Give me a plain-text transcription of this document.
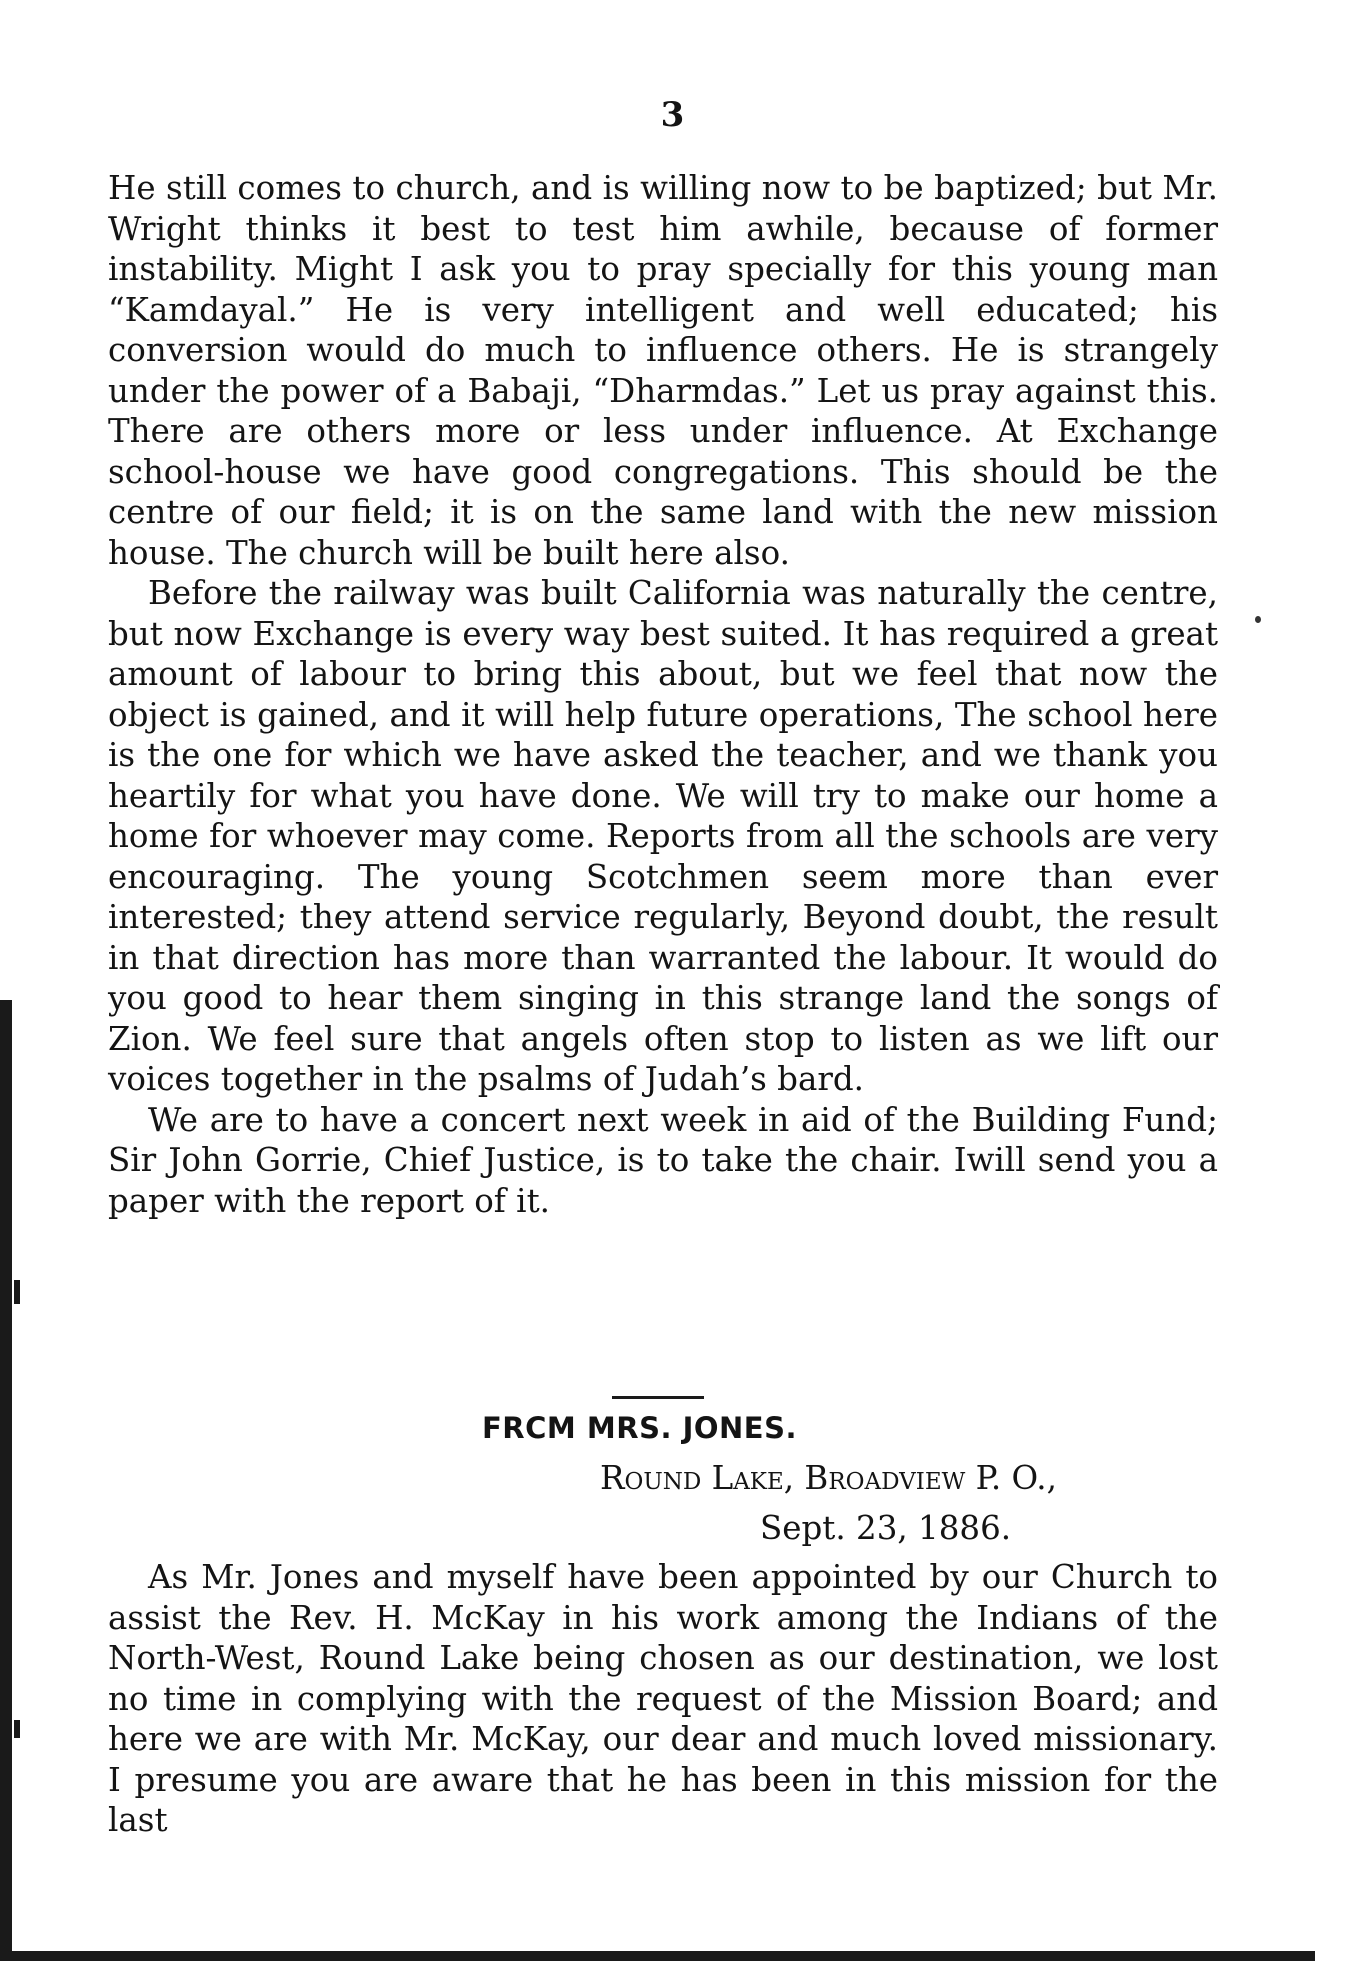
3

He still comes to church, and is willing now to be baptized; but Mr. Wright thinks it best to test him awhile, because of former instability. Might I ask you to pray specially for this young man “Kamdayal.” He is very intelligent and well educated; his conversion would do much to influence others. He is strangely under the power of a Babaji, “Dharmdas.” Let us pray against this. There are others more or less under influence. At Exchange school-house we have good congregations. This should be the centre of our field; it is on the same land with the new mission house. The church will be built here also.

Before the railway was built California was naturally the centre, but now Exchange is every way best suited. It has required a great amount of labour to bring this about, but we feel that now the object is gained, and it will help future operations, The school here is the one for which we have asked the teacher, and we thank you heartily for what you have done. We will try to make our home a home for whoever may come. Reports from all the schools are very encouraging. The young Scotchmen seem more than ever interested; they attend service regularly, Beyond doubt, the result in that direction has more than warranted the labour. It would do you good to hear them singing in this strange land the songs of Zion. We feel sure that angels often stop to listen as we lift our voices together in the psalms of Judah’s bard.

We are to have a concert next week in aid of the Building Fund; Sir John Gorrie, Chief Justice, is to take the chair. Iwill send you a paper with the report of it.

FRCM MRS. JONES.
Round Lake, Broadview P. O.,
Sept. 23, 1886.

As Mr. Jones and myself have been appointed by our Church to assist the Rev. H. McKay in his work among the Indians of the North-West, Round Lake being chosen as our destination, we lost no time in complying with the request of the Mission Board; and here we are with Mr. McKay, our dear and much loved missionary. I presume you are aware that he has been in this mission for the last
